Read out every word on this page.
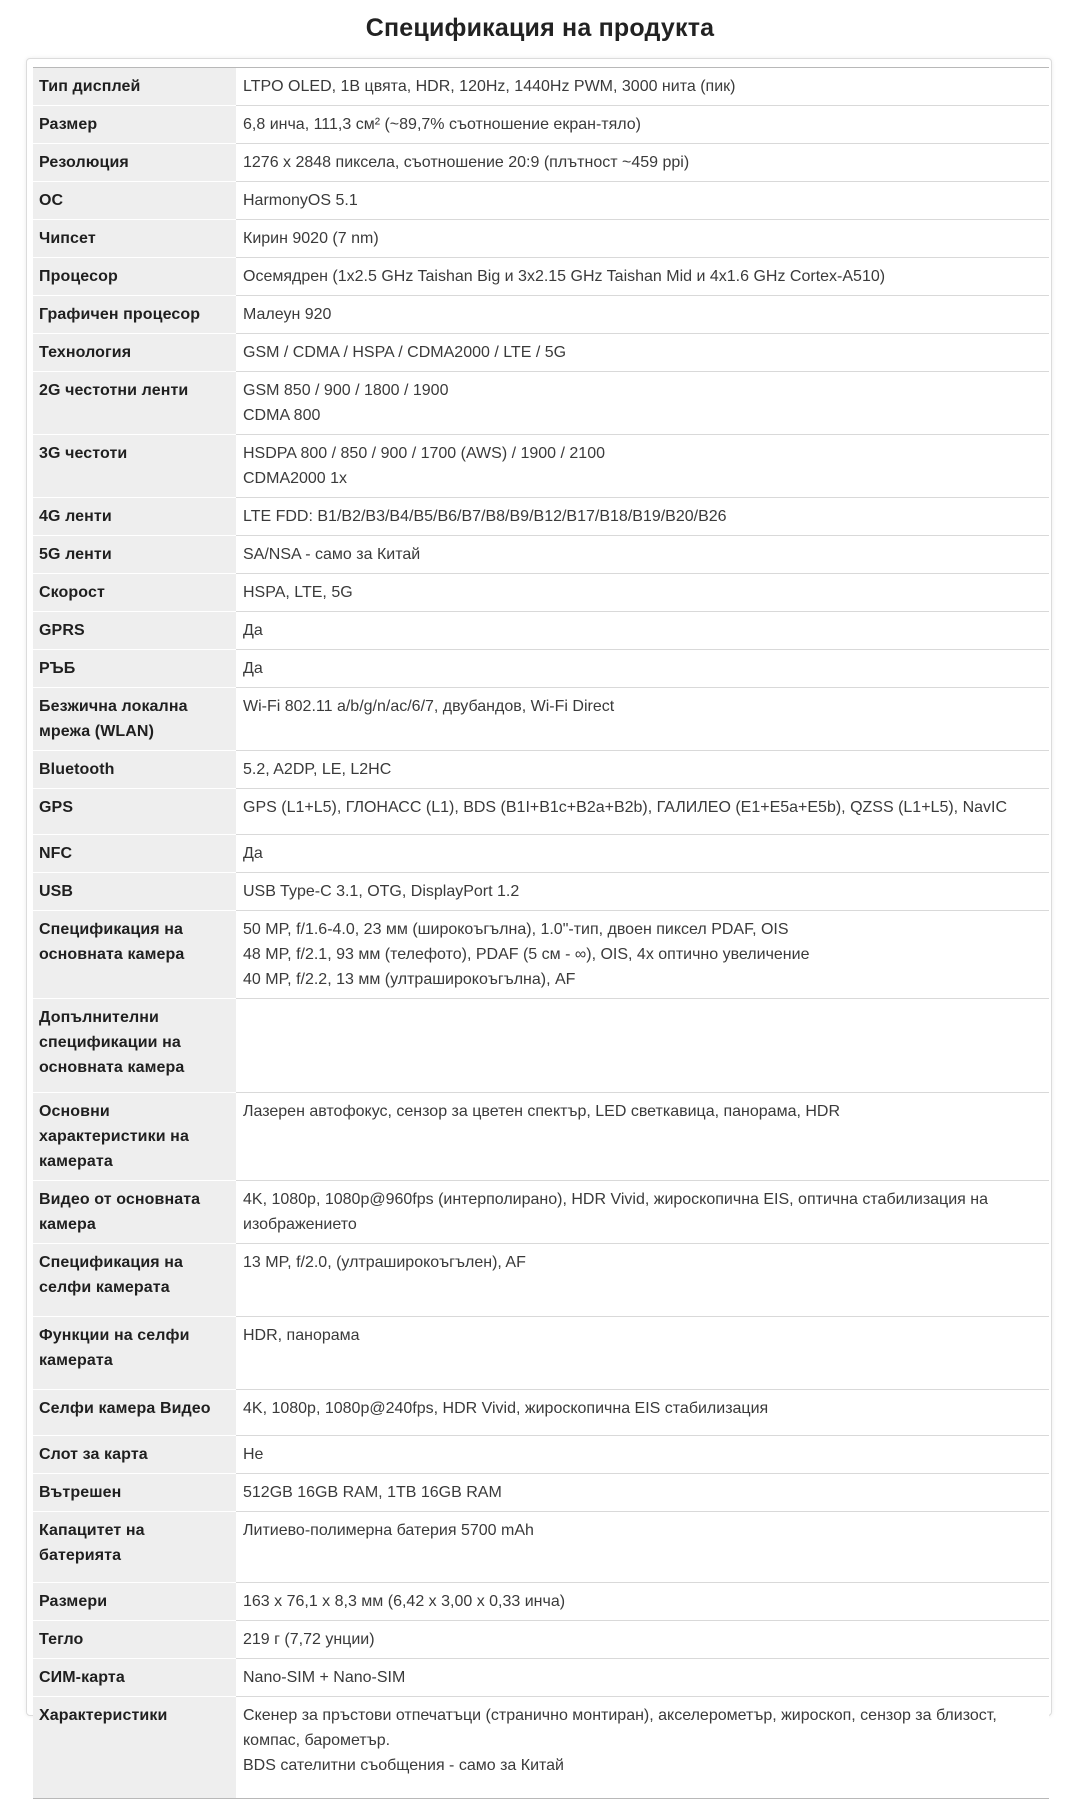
Спецификация на продукта
Тип дисплей	LTPO OLED, 1B цвята, HDR, 120Hz, 1440Hz PWM, 3000 нита (пик)

Размер	6,8 инча, 111,3 см² (~89,7% съотношение екран-тяло)

Резолюция	1276 x 2848 пиксела, съотношение 20:9 (плътност ~459 ppi)

ОС	HarmonyOS 5.1

Чипсет	Кирин 9020 (7 nm)

Процесор	Осемядрен (1x2.5 GHz Taishan Big и 3x2.15 GHz Taishan Mid и 4x1.6 GHz Cortex-A510)

Графичен процесор	Малеун 920

Технология	GSM / CDMA / HSPA / CDMA2000 / LTE / 5G

2G честотни ленти	GSM 850 / 900 / 1800 / 1900
CDMA 800

3G честоти	HSDPA 800 / 850 / 900 / 1700 (AWS) / 1900 / 2100
CDMA2000 1x

4G ленти	LTE FDD: B1/B2/B3/B4/B5/B6/B7/B8/B9/B12/B17/B18/B19/B20/B26

5G ленти	SA/NSA - само за Китай

Скорост	HSPA, LTE, 5G

GPRS	Да

РЪБ	Да

Безжична локална мрежа (WLAN)	Wi-Fi 802.11 a/b/g/n/ac/6/7, двубандов, Wi-Fi Direct

Bluetooth	5.2, A2DP, LE, L2HC

GPS	GPS (L1+L5), ГЛОНАСС (L1), BDS (B1I+B1c+B2a+B2b), ГАЛИЛЕО (E1+E5a+E5b), QZSS (L1+L5), NavIC

NFC	Да

USB	USB Type-C 3.1, OTG, DisplayPort 1.2

Спецификация на основната камера	50 MP, f/1.6-4.0, 23 мм (широкоъгълна), 1.0"-тип, двоен пиксел PDAF, OIS
48 MP, f/2.1, 93 мм (телефото), PDAF (5 см - ∞), OIS, 4x оптично увеличение
40 MP, f/2.2, 13 мм (ултраширокоъгълна), AF

Допълнителни спецификации на основната камера	
Основни характеристики на камерата	Лазерен автофокус, сензор за цветен спектър, LED светкавица, панорама, HDR

Видео от основната камера	4K, 1080p, 1080p@960fps (интерполирано), HDR Vivid, жироскопична EIS, оптична стабилизация на изображението

Спецификация на селфи камерата	13 MP, f/2.0, (ултраширокоъгълен), AF

Функции на селфи камерата	HDR, панорама

Селфи камера Видео	4K, 1080p, 1080p@240fps, HDR Vivid, жироскопична EIS стабилизация

Слот за карта	Не

Вътрешен	512GB 16GB RAM, 1TB 16GB RAM

Капацитет на батерията	Литиево-полимерна батерия 5700 mAh

Размери	163 x 76,1 x 8,3 мм (6,42 x 3,00 x 0,33 инча)

Тегло	219 г (7,72 унции)

СИМ-карта	Nano-SIM + Nano-SIM

Характеристики	Скенер за пръстови отпечатъци (странично монтиран), акселерометър, жироскоп, сензор за близост, компас, барометър.
BDS сателитни съобщения - само за Китай
